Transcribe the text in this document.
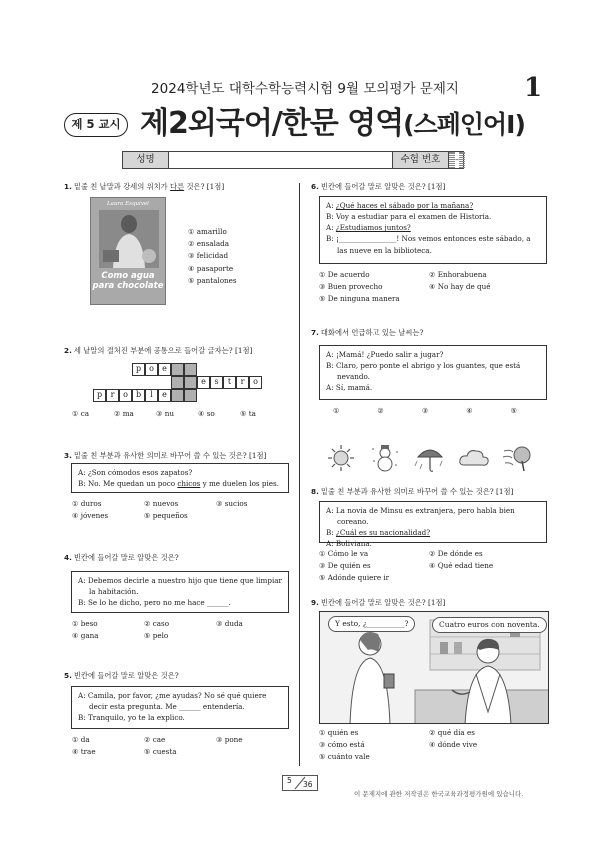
2024학년도 대학수학능력시험 9월 모의평가 문제지	1
제 5 교시 제2외국어/한문 영역(스페인어Ⅰ)
성명	수험 번호	–
1. 밑줄 친 낱말과 강세의 위치가 다른 것은? [1점]
Laura Esquivel
Como agua para chocolate
① amarillo
② ensalada
③ felicidad
④ pasaporte
⑤ pantalones
2. 세 낱말의 결처진 부분에 공통으로 들어갈 글자는? [1점]
p	o	e
e	s	t	r	o
p	r	o	b	l	e
① ca	② ma	③ nu	④ so	⑤ ta
3. 밑줄 친 부분과 유사한 의미로 바꾸어 쓸 수 있는 것은? [1점]
A: ¿Son cómodos esos zapatos?
B: No. Me quedan un poco chicos y me duelen los pies.
① duros	② nuevos	③ sucios
④ jóvenes	⑤ pequeños
4. 빈칸에 들어갈 말로 알맞은 것은?
A: Debemos decirle a nuestro hijo que tiene que limpiar la habitación.
B: Se lo he dicho, pero no me hace ______.
① beso	② caso	③ duda
④ gana	⑤ pelo
5. 빈칸에 들어갈 말로 알맞은 것은?
A: Camila, por favor, ¿me ayudas? No sé qué quiere decir esta pregunta. Me ______ entendería.
B: Tranquilo, yo te la explico.
① da	② cae	③ pone
④ trae	⑤ cuesta
6. 빈칸에 들어갈 말로 알맞은 것은? [1점]
A: ¿Qué haces el sábado por la mañana?
B: Voy a estudiar para el examen de Historia.
A: ¿Estudiamos juntos?
B: ¡________________! Nos vemos entonces este sábado, a las nueve en la biblioteca.
① De acuerdo	② Enhorabuena
③ Buen provecho	④ No hay de qué
⑤ De ninguna manera
7. 대화에서 언급하고 있는 날씨는?
A: ¡Mamá! ¿Puedo salir a jugar?
B: Claro, pero ponte el abrigo y los guantes, que está nevando.
A: Sí, mamá.
①	②	③	④	⑤
8. 밑줄 친 부분과 유사한 의미로 바꾸어 쓸 수 있는 것은? [1점]
A: La novia de Minsu es extranjera, pero habla bien coreano.
B: ¿Cuál es su nacionalidad?
A: Boliviana.
① Cómo le va	② De dónde es
③ De quién es	④ Qué edad tiene
⑤ Adónde quiere ir
9. 빈칸에 들어갈 말로 알맞은 것은? [1점]
Y esto, ¿__________?	Cuatro euros con noventa.
① quién es	② qué día es
③ cómo está	④ dónde vive
⑤ cuánto vale
5 36
이 문제지에 관한 저작권은 한국교육과정평가원에 있습니다.
